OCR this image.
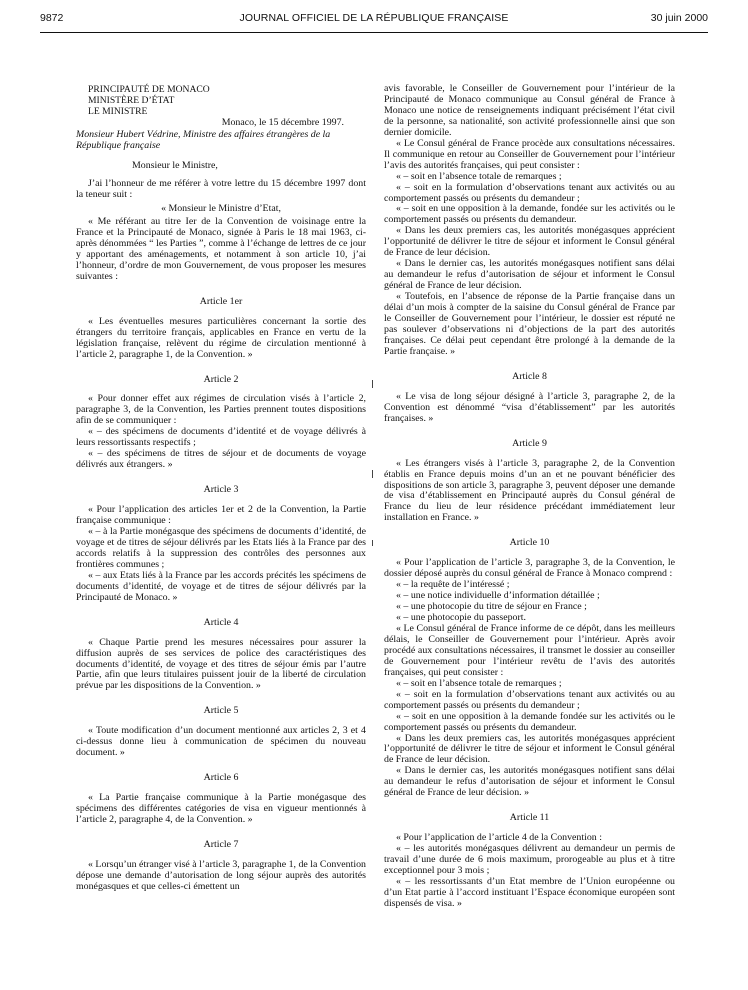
9872	JOURNAL OFFICIEL DE LA RÉPUBLIQUE FRANÇAISE	30 juin 2000

PRINCIPAUTÉ DE MONACO

MINISTÈRE D’ÉTAT

LE MINISTRE

Monaco, le 15 décembre 1997.

Monsieur Hubert Védrine, Ministre des affaires étrangères de la République française

Monsieur le Ministre,

J’ai l’honneur de me référer à votre lettre du 15 décembre 1997 dont la teneur suit :

« Monsieur le Ministre d’Etat,

« Me référant au titre Ier de la Convention de voisinage entre la France et la Principauté de Monaco, signée à Paris le 18 mai 1963, ci-après dénommées “ les Parties ”, comme à l’échange de lettres de ce jour y apportant des aménagements, et notamment à son article 10, j’ai l’honneur, d’ordre de mon Gouvernement, de vous proposer les mesures suivantes :

Article 1er

« Les éventuelles mesures particulières concernant la sortie des étrangers du territoire français, applicables en France en vertu de la législation française, relèvent du régime de circulation mentionné à l’article 2, paragraphe 1, de la Convention. »

Article 2

« Pour donner effet aux régimes de circulation visés à l’article 2, paragraphe 3, de la Convention, les Parties prennent toutes dispositions afin de se communiquer :

« – des spécimens de documents d’identité et de voyage délivrés à leurs ressortissants respectifs ;

« – des spécimens de titres de séjour et de documents de voyage délivrés aux étrangers. »

Article 3

« Pour l’application des articles 1er et 2 de la Convention, la Partie française communique :

« – à la Partie monégasque des spécimens de documents d’identité, de voyage et de titres de séjour délivrés par les Etats liés à la France par des accords relatifs à la suppression des contrôles des personnes aux frontières communes ;

« – aux Etats liés à la France par les accords précités les spécimens de documents d’identité, de voyage et de titres de séjour délivrés par la Principauté de Monaco. »

Article 4

« Chaque Partie prend les mesures nécessaires pour assurer la diffusion auprès de ses services de police des caractéristiques des documents d’identité, de voyage et des titres de séjour émis par l’autre Partie, afin que leurs titulaires puissent jouir de la liberté de circulation prévue par les dispositions de la Convention. »

Article 5

« Toute modification d’un document mentionné aux articles 2, 3 et 4 ci-dessus donne lieu à communication de spécimen du nouveau document. »

Article 6

« La Partie française communique à la Partie monégasque des spécimens des différentes catégories de visa en vigueur mentionnés à l’article 2, paragraphe 4, de la Convention. »

Article 7

« Lorsqu’un étranger visé à l’article 3, paragraphe 1, de la Convention dépose une demande d’autorisation de long séjour auprès des autorités monégasques et que celles-ci émettent un

avis favorable, le Conseiller de Gouvernement pour l’intérieur de la Principauté de Monaco communique au Consul général de France à Monaco une notice de renseignements indiquant précisément l’état civil de la personne, sa nationalité, son activité professionnelle ainsi que son dernier domicile.

« Le Consul général de France procède aux consultations nécessaires. Il communique en retour au Conseiller de Gouvernement pour l’intérieur l’avis des autorités françaises, qui peut consister :

« – soit en l’absence totale de remarques ;

« – soit en la formulation d’observations tenant aux activités ou au comportement passés ou présents du demandeur ;

« – soit en une opposition à la demande, fondée sur les activités ou le comportement passés ou présents du demandeur.

« Dans les deux premiers cas, les autorités monégasques apprécient l’opportunité de délivrer le titre de séjour et informent le Consul général de France de leur décision.

« Dans le dernier cas, les autorités monégasques notifient sans délai au demandeur le refus d’autorisation de séjour et informent le Consul général de France de leur décision.

« Toutefois, en l’absence de réponse de la Partie française dans un délai d’un mois à compter de la saisine du Consul général de France par le Conseiller de Gouvernement pour l’intérieur, le dossier est réputé ne pas soulever d’observations ni d’objections de la part des autorités françaises. Ce délai peut cependant être prolongé à la demande de la Partie française. »

Article 8

« Le visa de long séjour désigné à l’article 3, paragraphe 2, de la Convention est dénommé “visa d’établissement” par les autorités françaises. »

Article 9

« Les étrangers visés à l’article 3, paragraphe 2, de la Convention établis en France depuis moins d’un an et ne pouvant bénéficier des dispositions de son article 3, paragraphe 3, peuvent déposer une demande de visa d’établissement en Principauté auprès du Consul général de France du lieu de leur résidence précédant immédiatement leur installation en France. »

Article 10

« Pour l’application de l’article 3, paragraphe 3, de la Convention, le dossier déposé auprès du consul général de France à Monaco comprend :

« – la requête de l’intéressé ;

« – une notice individuelle d’information détaillée ;

« – une photocopie du titre de séjour en France ;

« – une photocopie du passeport.

« Le Consul général de France informe de ce dépôt, dans les meilleurs délais, le Conseiller de Gouvernement pour l’intérieur. Après avoir procédé aux consultations nécessaires, il transmet le dossier au conseiller de Gouvernement pour l’intérieur revêtu de l’avis des autorités françaises, qui peut consister :

« – soit en l’absence totale de remarques ;

« – soit en la formulation d’observations tenant aux activités ou au comportement passés ou présents du demandeur ;

« – soit en une opposition à la demande fondée sur les activités ou le comportement passés ou présents du demandeur.

« Dans les deux premiers cas, les autorités monégasques apprécient l’opportunité de délivrer le titre de séjour et informent le Consul général de France de leur décision.

« Dans le dernier cas, les autorités monégasques notifient sans délai au demandeur le refus d’autorisation de séjour et informent le Consul général de France de leur décision. »

Article 11

« Pour l’application de l’article 4 de la Convention :

« – les autorités monégasques délivrent au demandeur un permis de travail d’une durée de 6 mois maximum, prorogeable au plus et à titre exceptionnel pour 3 mois ;

« – les ressortissants d’un Etat membre de l’Union européenne ou d’un Etat partie à l’accord instituant l’Espace économique européen sont dispensés de visa. »
